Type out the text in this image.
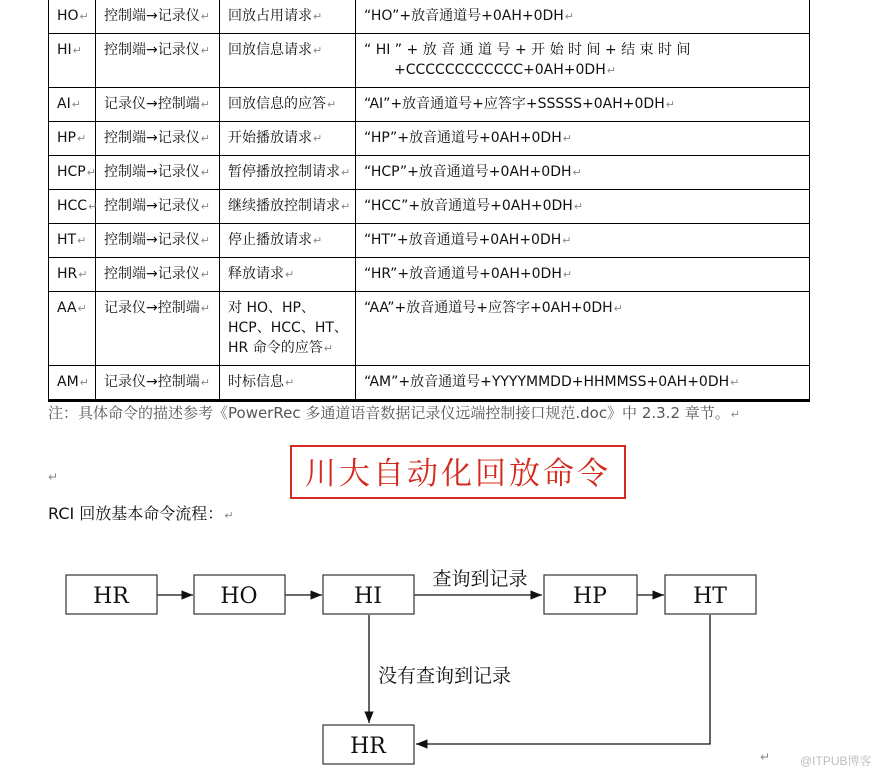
HO↵	控制端→记录仪↵	回放占用请求↵	“HO”+放音通道号+0AH+0DH↵
HI↵	控制端→记录仪↵	回放信息请求↵	“ HI ” + 放 音 通 道 号 + 开 始 时 间 + 结 束 时 间
+CCCCCCCCCCCC+0AH+0DH↵

AI↵	记录仪→控制端↵	回放信息的应答↵	“AI”+放音通道号+应答字+SSSSS+0AH+0DH↵
HP↵	控制端→记录仪↵	开始播放请求↵	“HP”+放音通道号+0AH+0DH↵
HCP↵	控制端→记录仪↵	暂停播放控制请求↵	“HCP”+放音通道号+0AH+0DH↵
HCC↵	控制端→记录仪↵	继续播放控制请求↵	“HCC”+放音通道号+0AH+0DH↵
HT↵	控制端→记录仪↵	停止播放请求↵	“HT”+放音通道号+0AH+0DH↵
HR↵	控制端→记录仪↵	释放请求↵	“HR”+放音通道号+0AH+0DH↵
AA↵	记录仪→控制端↵	对 HO、HP、HCP、HCC、HT、HR 命令的应答↵	“AA”+放音通道号+应答字+0AH+0DH↵
AM↵	记录仪→控制端↵	时标信息↵	“AM”+放音通道号+YYYYMMDD+HHMMSS+0AH+0DH↵
注：具体命令的描述参考《PowerRec 多通道语音数据记录仪远端控制接口规范.doc》中 2.3.2 章节。↵
↵	川大自动化回放命令
RCI 回放基本命令流程：↵
HR	HO	HI	HP	HT
HR
查询到记录
没有查询到记录
↵ @ITPUB博客
